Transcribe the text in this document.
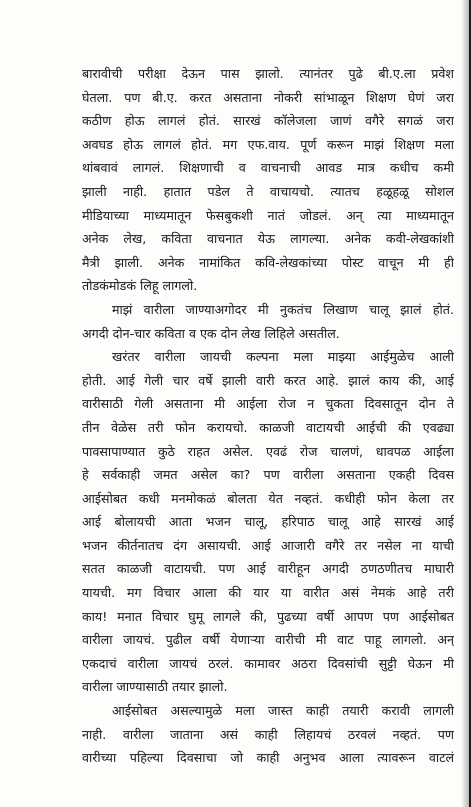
बारावीची परीक्षा देऊन पास झालो. त्यानंतर पुढे बी.ए.ला प्रवेश
घेतला. पण बी.ए. करत असताना नोकरी सांभाळून शिक्षण घेणं जरा
कठीण होऊ लागलं होतं. सारखं कॉलेजला जाणं वगैरे सगळं जरा
अवघड होऊ लागलं होतं. मग एफ.वाय. पूर्ण करून माझं शिक्षण मला
थांबवावं लागलं. शिक्षणाची व वाचनाची आवड मात्र कधीच कमी
झाली नाही. हातात पडेल ते वाचायचो. त्यातच हळूहळू सोशल
मीडियाच्या माध्यमातून फेसबुकशी नातं जोडलं. अन् त्या माध्यमातून
अनेक लेख, कविता वाचनात येऊ लागल्या. अनेक कवी-लेखकांशी
मैत्री झाली. अनेक नामांकित कवि-लेखकांच्या पोस्ट वाचून मी ही
तोडकंमोडकं लिहू लागलो.
माझं वारीला जाण्याअगोदर मी नुकतंच लिखाण चालू झालं होतं.
अगदी दोन-चार कविता व एक दोन लेख लिहिले असतील.
खरंतर वारीला जायची कल्पना मला माझ्या आईमुळेच आली
होती. आई गेली चार वर्षे झाली वारी करत आहे. झालं काय की, आई
वारीसाठी गेली असताना मी आईला रोज न चुकता दिवसातून दोन ते
तीन वेळेस तरी फोन करायचो. काळजी वाटायची आईची की एवढ्या
पावसापाण्यात कुठे राहत असेल. एवढं रोज चालणं, धावपळ आईला
हे सर्वकाही जमत असेल का? पण वारीला असताना एकही दिवस
आईसोबत कधी मनमोकळं बोलता येत नव्हतं. कधीही फोन केला तर
आई बोलायची आता भजन चालू, हरिपाठ चालू आहे सारखं आई
भजन कीर्तनातच दंग असायची. आई आजारी वगैरे तर नसेल ना याची
सतत काळजी वाटायची. पण आई वारीहून अगदी ठणठणीतच माघारी
यायची. मग विचार आला की यार या वारीत असं नेमकं आहे तरी
काय! मनात विचार घुमू लागले की, पुढच्या वर्षी आपण पण आईसोबत
वारीला जायचं. पुढील वर्षी येणाऱ्या वारीची मी वाट पाहू लागलो. अन्
एकदाचं वारीला जायचं ठरलं. कामावर अठरा दिवसांची सुट्टी घेऊन मी
वारीला जाण्यासाठी तयार झालो.
आईसोबत असल्यामुळे मला जास्त काही तयारी करावी लागली
नाही. वारीला जाताना असं काही लिहायचं ठरवलं नव्हतं. पण
वारीच्या पहिल्या दिवसाचा जो काही अनुभव आला त्यावरून वाटलं
